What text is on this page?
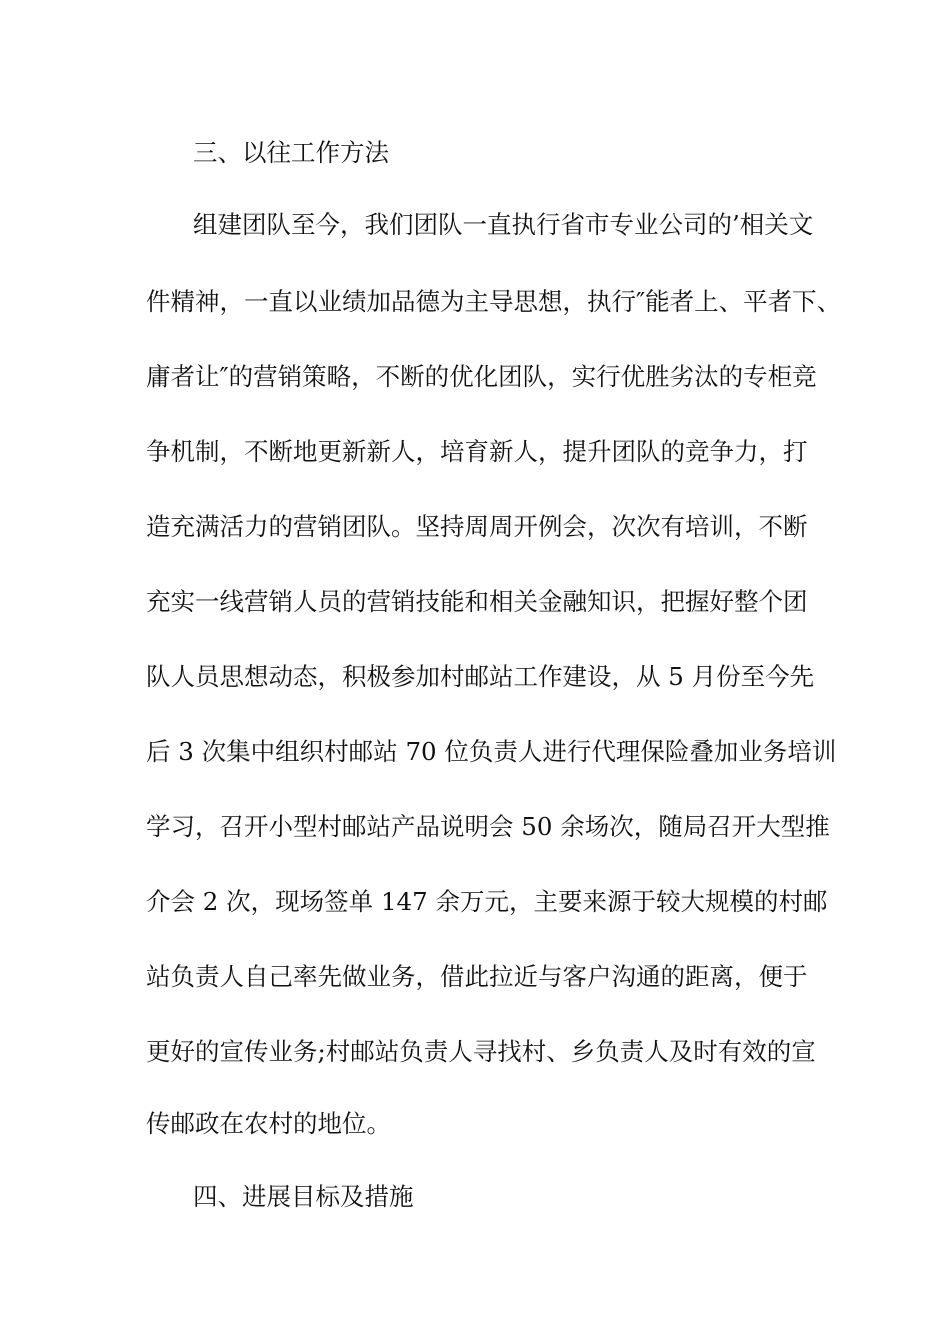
三、以往工作方法
组建团队至今，我们团队一直执行省市专业公司的’相关文
件精神，一直以业绩加品德为主导思想，执行″能者上、平者下、
庸者让″的营销策略，不断的优化团队，实行优胜劣汰的专柜竞
争机制，不断地更新新人，培育新人，提升团队的竞争力，打
造充满活力的营销团队。坚持周周开例会，次次有培训，不断
充实一线营销人员的营销技能和相关金融知识，把握好整个团
队人员思想动态，积极参加村邮站工作建设，从 5 月份至今先
后 3 次集中组织村邮站 70 位负责人进行代理保险叠加业务培训
学习，召开小型村邮站产品说明会 50 余场次，随局召开大型推
介会 2 次，现场签单 147 余万元，主要来源于较大规模的村邮
站负责人自己率先做业务，借此拉近与客户沟通的距离，便于
更好的宣传业务;村邮站负责人寻找村、乡负责人及时有效的宣
传邮政在农村的地位。
四、进展目标及措施
